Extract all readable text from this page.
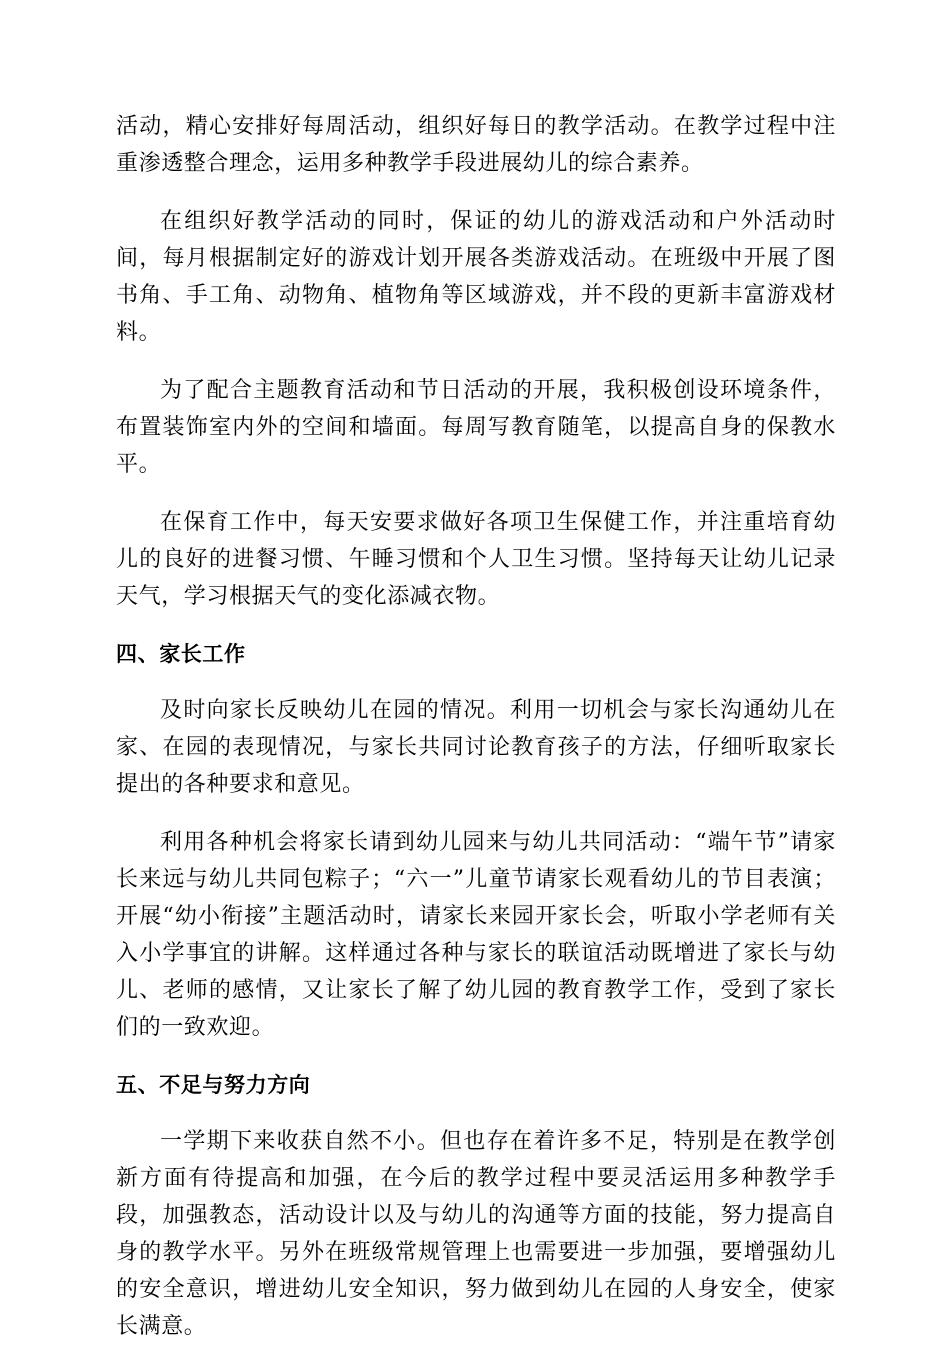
活动，精心安排好每周活动，组织好每日的教学活动。在教学过程中注重渗透整合理念，运用多种教学手段进展幼儿的综合素养。

在组织好教学活动的同时，保证的幼儿的游戏活动和户外活动时间，每月根据制定好的游戏计划开展各类游戏活动。在班级中开展了图书角、手工角、动物角、植物角等区域游戏，并不段的更新丰富游戏材料。

为了配合主题教育活动和节日活动的开展，我积极创设环境条件，布置装饰室内外的空间和墙面。每周写教育随笔，以提高自身的保教水平。

在保育工作中，每天安要求做好各项卫生保健工作，并注重培育幼儿的良好的进餐习惯、午睡习惯和个人卫生习惯。坚持每天让幼儿记录天气，学习根据天气的变化添减衣物。

四、家长工作

及时向家长反映幼儿在园的情况。利用一切机会与家长沟通幼儿在家、在园的表现情况，与家长共同讨论教育孩子的方法，仔细听取家长提出的各种要求和意见。

利用各种机会将家长请到幼儿园来与幼儿共同活动：“端午节”请家长来远与幼儿共同包粽子；“六一”儿童节请家长观看幼儿的节目表演；开展“幼小衔接”主题活动时，请家长来园开家长会，听取小学老师有关入小学事宜的讲解。这样通过各种与家长的联谊活动既增进了家长与幼儿、老师的感情，又让家长了解了幼儿园的教育教学工作，受到了家长们的一致欢迎。

五、不足与努力方向

一学期下来收获自然不小。但也存在着许多不足，特别是在教学创新方面有待提高和加强，在今后的教学过程中要灵活运用多种教学手段，加强教态，活动设计以及与幼儿的沟通等方面的技能，努力提高自身的教学水平。另外在班级常规管理上也需要进一步加强，要增强幼儿的安全意识，增进幼儿安全知识，努力做到幼儿在园的人身安全，使家长满意。
